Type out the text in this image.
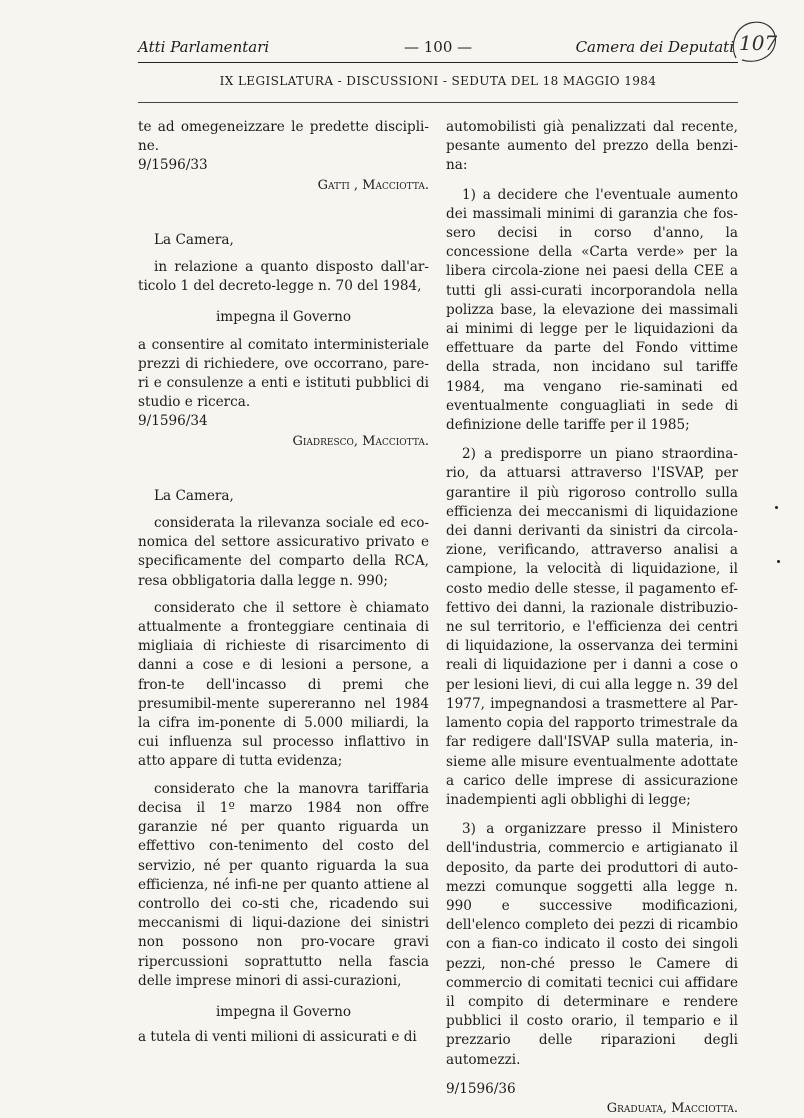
Atti Parlamentari	— 100 —	Camera dei Deputati 107
IX LEGISLATURA - DISCUSSIONI - SEDUTA DEL 18 MAGGIO 1984

te ad omegeneizzare le predette discipli-ne.

9/1596/33

Gatti , Macciotta.

La Camera,

in relazione a quanto disposto dall'ar-ticolo 1 del decreto-legge n. 70 del 1984,

impegna il Governo

a consentire al comitato interministeriale prezzi di richiedere, ove occorrano, pare-ri e consulenze a enti e istituti pubblici di studio e ricerca.

9/1596/34

Giadresco, Macciotta.

La Camera,

considerata la rilevanza sociale ed eco-nomica del settore assicurativo privato e specificamente del comparto della RCA, resa obbligatoria dalla legge n. 990;

considerato che il settore è chiamato attualmente a fronteggiare centinaia di migliaia di richieste di risarcimento di danni a cose e di lesioni a persone, a fron-te dell'incasso di premi che presumibil-mente supereranno nel 1984 la cifra im-ponente di 5.000 miliardi, la cui influenza sul processo inflattivo in atto appare di tutta evidenza;

considerato che la manovra tariffaria decisa il 1º marzo 1984 non offre garanzie né per quanto riguarda un effettivo con-tenimento del costo del servizio, né per quanto riguarda la sua efficienza, né infi-ne per quanto attiene al controllo dei co-sti che, ricadendo sui meccanismi di liqui-dazione dei sinistri non possono non pro-vocare gravi ripercussioni soprattutto nella fascia delle imprese minori di assi-curazioni,

impegna il Governo

a tutela di venti milioni di assicurati e di

automobilisti già penalizzati dal recente, pesante aumento del prezzo della benzi-na:

1) a decidere che l'eventuale aumento dei massimali minimi di garanzia che fos-sero decisi in corso d'anno, la concessione della «Carta verde» per la libera circola-zione nei paesi della CEE a tutti gli assi-curati incorporandola nella polizza base, la elevazione dei massimali ai minimi di legge per le liquidazioni da effettuare da parte del Fondo vittime della strada, non incidano sul tariffe 1984, ma vengano rie-saminati ed eventualmente conguagliati in sede di definizione delle tariffe per il 1985;

2) a predisporre un piano straordina-rio, da attuarsi attraverso l'ISVAP, per garantire il più rigoroso controllo sulla efficienza dei meccanismi di liquidazione dei danni derivanti da sinistri da circola-zione, verificando, attraverso analisi a campione, la velocità di liquidazione, il costo medio delle stesse, il pagamento ef-fettivo dei danni, la razionale distribuzio-ne sul territorio, e l'efficienza dei centri di liquidazione, la osservanza dei termini reali di liquidazione per i danni a cose o per lesioni lievi, di cui alla legge n. 39 del 1977, impegnandosi a trasmettere al Par-lamento copia del rapporto trimestrale da far redigere dall'ISVAP sulla materia, in-sieme alle misure eventualmente adottate a carico delle imprese di assicurazione inadempienti agli obblighi di legge;

3) a organizzare presso il Ministero dell'industria, commercio e artigianato il deposito, da parte dei produttori di auto-mezzi comunque soggetti alla legge n. 990 e successive modificazioni, dell'elenco completo dei pezzi di ricambio con a fian-co indicato il costo dei singoli pezzi, non-ché presso le Camere di commercio di comitati tecnici cui affidare il compito di determinare e rendere pubblici il costo orario, il tempario e il prezzario delle riparazioni degli automezzi.

9/1596/36

Graduata, Macciotta.
